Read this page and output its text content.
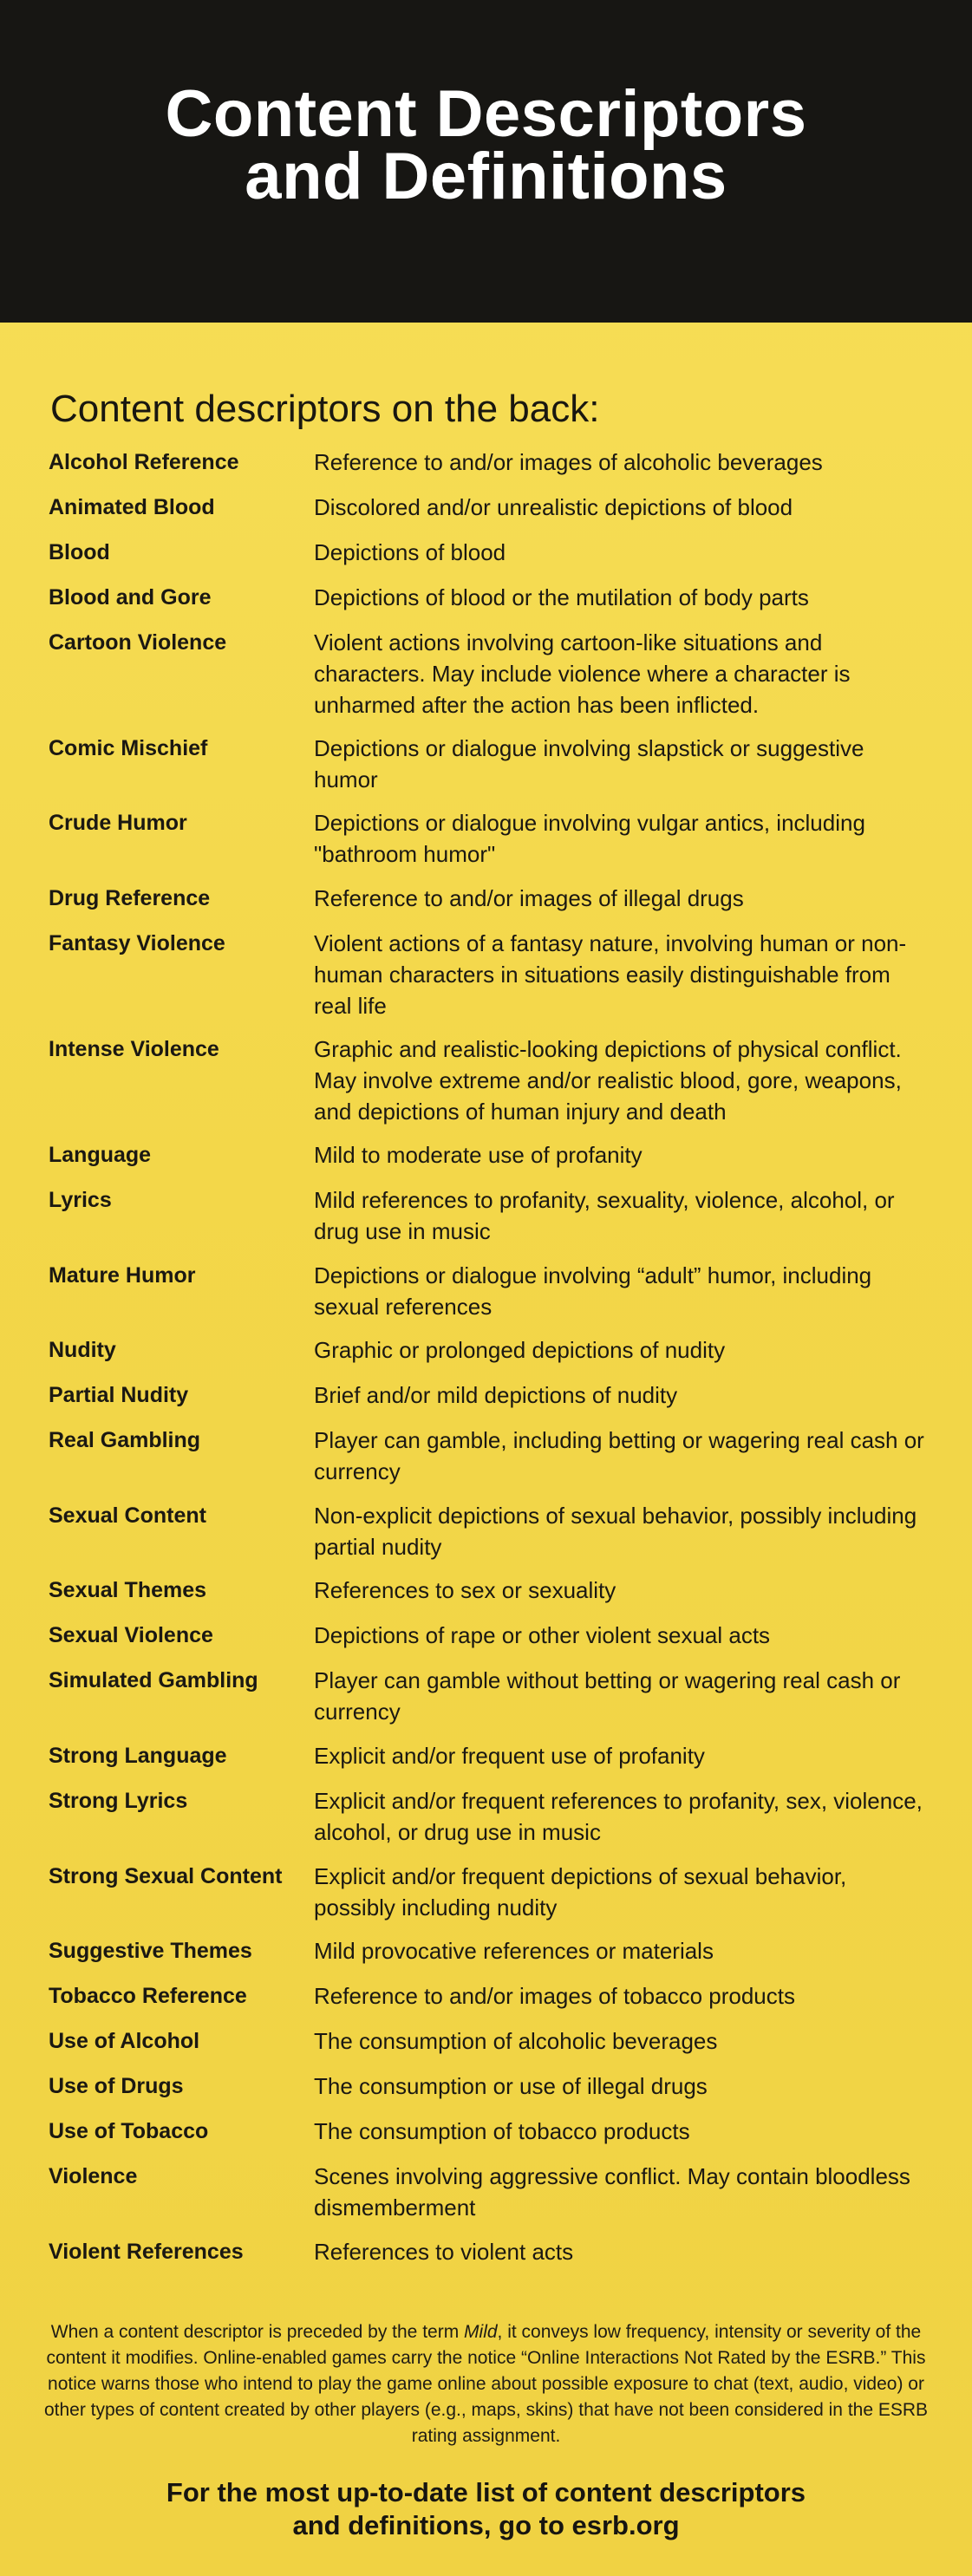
Content Descriptors
and Definitions
Content descriptors on the back:
Alcohol Reference	Reference to and/or images of alcoholic beverages
Animated Blood	Discolored and/or unrealistic depictions of blood
Blood	Depictions of blood
Blood and Gore	Depictions of blood or the mutilation of body parts
Cartoon Violence	Violent actions involving cartoon-like situations and characters. May include violence where a character is unharmed after the action has been inflicted.
Comic Mischief	Depictions or dialogue involving slapstick or suggestive humor
Crude Humor	Depictions or dialogue involving vulgar antics, including "bathroom humor"
Drug Reference	Reference to and/or images of illegal drugs
Fantasy Violence	Violent actions of a fantasy nature, involving human or non-human characters in situations easily distinguishable from real life
Intense Violence	Graphic and realistic-looking depictions of physical conflict. May involve extreme and/or realistic blood, gore, weapons, and depictions of human injury and death
Language	Mild to moderate use of profanity
Lyrics	Mild references to profanity, sexuality, violence, alcohol, or drug use in music
Mature Humor	Depictions or dialogue involving “adult” humor, including sexual references
Nudity	Graphic or prolonged depictions of nudity
Partial Nudity	Brief and/or mild depictions of nudity
Real Gambling	Player can gamble, including betting or wagering real cash or currency
Sexual Content	Non-explicit depictions of sexual behavior, possibly including partial nudity
Sexual Themes	References to sex or sexuality
Sexual Violence	Depictions of rape or other violent sexual acts
Simulated Gambling	Player can gamble without betting or wagering real cash or currency
Strong Language	Explicit and/or frequent use of profanity
Strong Lyrics	Explicit and/or frequent references to profanity, sex, violence, alcohol, or drug use in music
Strong Sexual Content	Explicit and/or frequent depictions of sexual behavior, possibly including nudity
Suggestive Themes	Mild provocative references or materials
Tobacco Reference	Reference to and/or images of tobacco products
Use of Alcohol	The consumption of alcoholic beverages
Use of Drugs	The consumption or use of illegal drugs
Use of Tobacco	The consumption of tobacco products
Violence	Scenes involving aggressive conflict. May contain bloodless dismemberment
Violent References	References to violent acts

When a content descriptor is preceded by the term Mild, it conveys low frequency, intensity or severity of the content it modifies. Online-enabled games carry the notice “Online Interactions Not Rated by the ESRB.” This notice warns those who intend to play the game online about possible exposure to chat (text, audio, video) or other types of content created by other players (e.g., maps, skins) that have not been considered in the ESRB rating assignment.

For the most up-to-date list of content descriptors
and definitions, go to esrb.org
